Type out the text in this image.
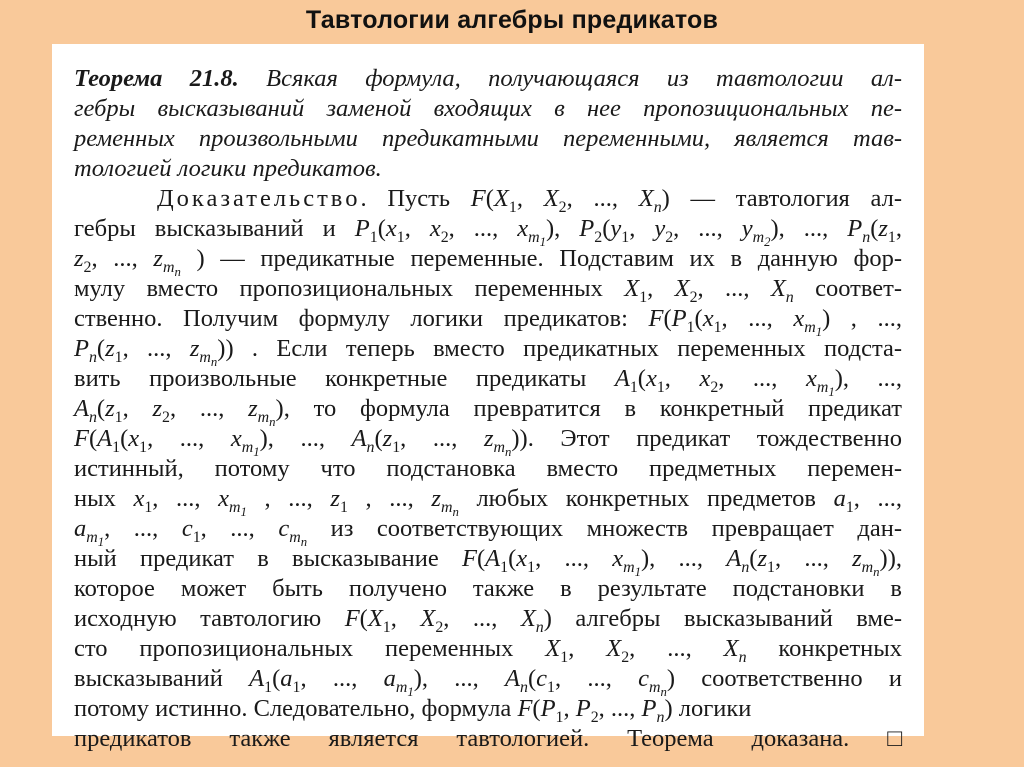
Тавтологии алгебры предикатов
Теорема 21.8. Всякая формула, получающаяся из тавтологии ал-
гебры высказываний заменой входящих в нее пропозициональных пе-
ременных произвольными предикатными переменными, является тав-
тологией логики предикатов.
Доказательство. Пусть $F(X_1$, $X_2$, ..., $X_n$) — тавтология ал-
гебры высказываний и $P_1(x_1$, $x_2$, ..., $x_{m_1}$), $P_2(y_1$, $y_2$, ..., $y_{m_2}$), ..., $P_n(z_1$,
$z_2$, ..., $z_{m_n}$ ) — предикатные переменные. Подставим их в данную фор-
мулу вместо пропозициональных переменных $X_1$, $X_2$, ..., $X_n$ соответ-
ственно. Получим формулу логики предикатов: $F(P_1(x_1$, ..., $x_{m_1}$) , ...,
$P_n(z_1$, ..., $z_{m_n}$)) . Если теперь вместо предикатных переменных подста-
вить произвольные конкретные предикаты $A_1(x_1$, $x_2$, ..., $x_{m_1}$), ...,
$A_n(z_1$, $z_2$, ..., $z_{m_n}$), то формула превратится в конкретный предикат
$F(A_1(x_1$, ..., $x_{m_1}$), ..., $A_n(z_1$, ..., $z_{m_n}$)). Этот предикат тождественно
истинный, потому что подстановка вместо предметных перемен-
ных $x_1$, ..., $x_{m_1}$ , ..., $z_1$ , ..., $z_{m_n}$ любых конкретных предметов $a_1$, ...,
$a_{m_1}$, ..., $c_1$, ..., $c_{m_n}$ из соответствующих множеств превращает дан-
ный предикат в высказывание $F(A_1(x_1$, ..., $x_{m_1}$), ..., $A_n(z_1$, ..., $z_{m_n}$)),
которое может быть получено также в результате подстановки в
исходную тавтологию $F(X_1$, $X_2$, ..., $X_n$) алгебры высказываний вме-
сто пропозициональных переменных $X_1$, $X_2$, ..., $X_n$ конкретных
высказываний $A_1(a_1$, ..., $a_{m_1}$), ..., $A_n(c_1$, ..., $c_{m_n}$) соответственно и
потому истинно. Следовательно, формула $F(P_1$, $P_2$, ..., $P_n$) логики
предикатов также является тавтологией. Теорема доказана. □
